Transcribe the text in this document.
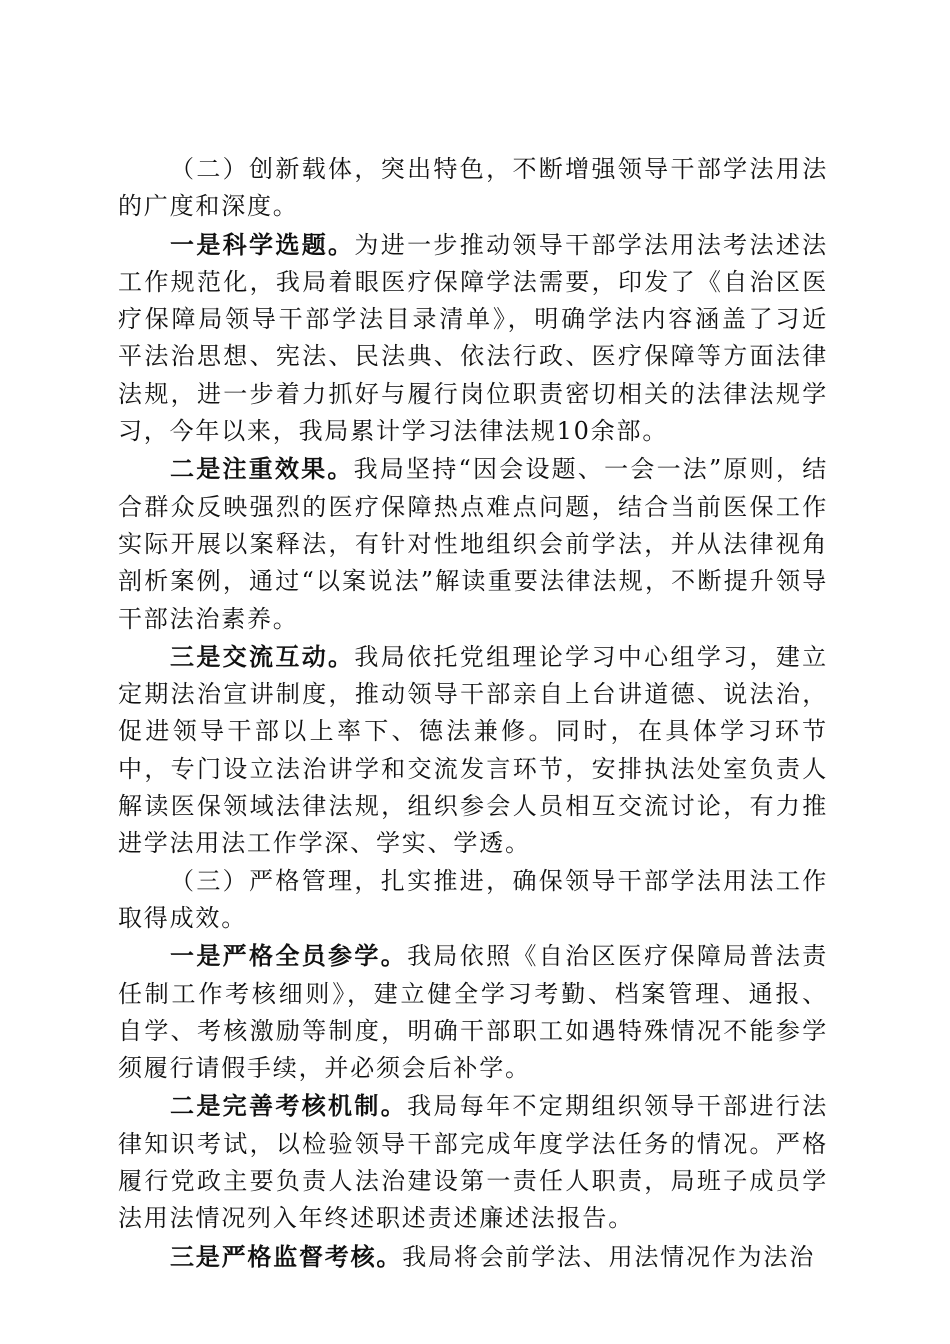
（二）创新载体，突出特色，不断增强领导干部学法用法的广度和深度。

一是科学选题。为进一步推动领导干部学法用法考法述法工作规范化，我局着眼医疗保障学法需要，印发了《自治区医疗保障局领导干部学法目录清单》，明确学法内容涵盖了习近平法治思想、宪法、民法典、依法行政、医疗保障等方面法律法规，进一步着力抓好与履行岗位职责密切相关的法律法规学习，今年以来，我局累计学习法律法规10余部。

二是注重效果。我局坚持“因会设题、一会一法”原则，结合群众反映强烈的医疗保障热点难点问题，结合当前医保工作实际开展以案释法，有针对性地组织会前学法，并从法律视角剖析案例，通过“以案说法”解读重要法律法规，不断提升领导干部法治素养。

三是交流互动。我局依托党组理论学习中心组学习，建立定期法治宣讲制度，推动领导干部亲自上台讲道德、说法治，促进领导干部以上率下、德法兼修。同时，在具体学习环节中，专门设立法治讲学和交流发言环节，安排执法处室负责人解读医保领域法律法规，组织参会人员相互交流讨论，有力推进学法用法工作学深、学实、学透。

（三）严格管理，扎实推进，确保领导干部学法用法工作取得成效。

一是严格全员参学。我局依照《自治区医疗保障局普法责任制工作考核细则》，建立健全学习考勤、档案管理、通报、自学、考核激励等制度，明确干部职工如遇特殊情况不能参学须履行请假手续，并必须会后补学。

二是完善考核机制。我局每年不定期组织领导干部进行法律知识考试，以检验领导干部完成年度学法任务的情况。严格履行党政主要负责人法治建设第一责任人职责，局班子成员学法用法情况列入年终述职述责述廉述法报告。

三是严格监督考核。我局将会前学法、用法情况作为法治
